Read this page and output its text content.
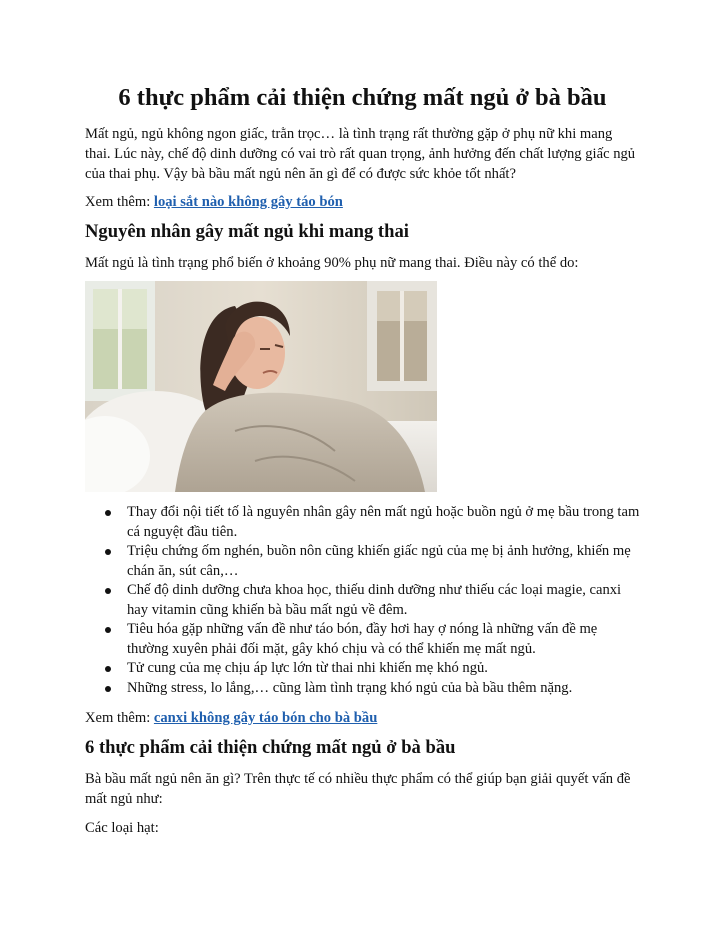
6 thực phẩm cải thiện chứng mất ngủ ở bà bầu

Mất ngủ, ngủ không ngon giấc, trằn trọc… là tình trạng rất thường gặp ở phụ nữ khi mang thai. Lúc này, chế độ dinh dưỡng có vai trò rất quan trọng, ảnh hưởng đến chất lượng giấc ngủ của thai phụ. Vậy bà bầu mất ngủ nên ăn gì để có được sức khỏe tốt nhất?

Xem thêm: loại sắt nào không gây táo bón

Nguyên nhân gây mất ngủ khi mang thai

Mất ngủ là tình trạng phổ biến ở khoảng 90% phụ nữ mang thai. Điều này có thể do:

Thay đổi nội tiết tố là nguyên nhân gây nên mất ngủ hoặc buồn ngủ ở mẹ bầu trong tam cá nguyệt đầu tiên.
Triệu chứng ốm nghén, buồn nôn cũng khiến giấc ngủ của mẹ bị ảnh hưởng, khiến mẹ chán ăn, sút cân,…
Chế độ dinh dưỡng chưa khoa học, thiếu dinh dưỡng như thiếu các loại magie, canxi hay vitamin cũng khiến bà bầu mất ngủ về đêm.
Tiêu hóa gặp những vấn đề như táo bón, đầy hơi hay ợ nóng là những vấn đề mẹ thường xuyên phải đối mặt, gây khó chịu và có thể khiến mẹ mất ngủ.
Tử cung của mẹ chịu áp lực lớn từ thai nhi khiến mẹ khó ngủ.
Những stress, lo lắng,… cũng làm tình trạng khó ngủ của bà bầu thêm nặng.

Xem thêm: canxi không gây táo bón cho bà bầu

6 thực phẩm cải thiện chứng mất ngủ ở bà bầu

Bà bầu mất ngủ nên ăn gì? Trên thực tế có nhiều thực phẩm có thể giúp bạn giải quyết vấn đề mất ngủ như:

Các loại hạt:
